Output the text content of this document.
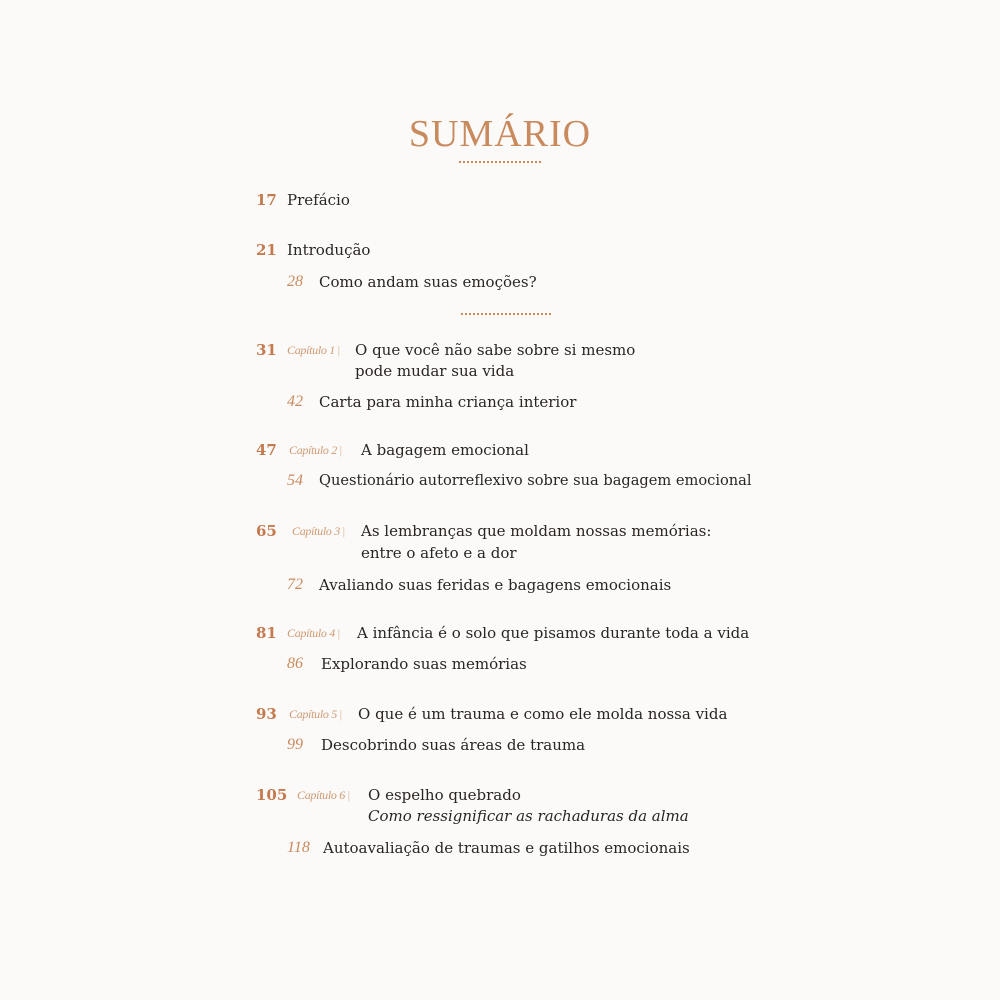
SUMÁRIO
17 Prefácio
21 Introdução
28 Como andam suas emoções?
31 Capítulo 1 | O que você não sabe sobre si mesmo
pode mudar sua vida
42 Carta para minha criança interior
47 Capítulo 2 | A bagagem emocional
54 Questionário autorreflexivo sobre sua bagagem emocional
65 Capítulo 3 | As lembranças que moldam nossas memórias:
entre o afeto e a dor
72 Avaliando suas feridas e bagagens emocionais
81 Capítulo 4 | A infância é o solo que pisamos durante toda a vida
86 Explorando suas memórias
93 Capítulo 5 | O que é um trauma e como ele molda nossa vida
99 Descobrindo suas áreas de trauma
105 Capítulo 6 | O espelho quebrado
Como ressignificar as rachaduras da alma
118 Autoavaliação de traumas e gatilhos emocionais
